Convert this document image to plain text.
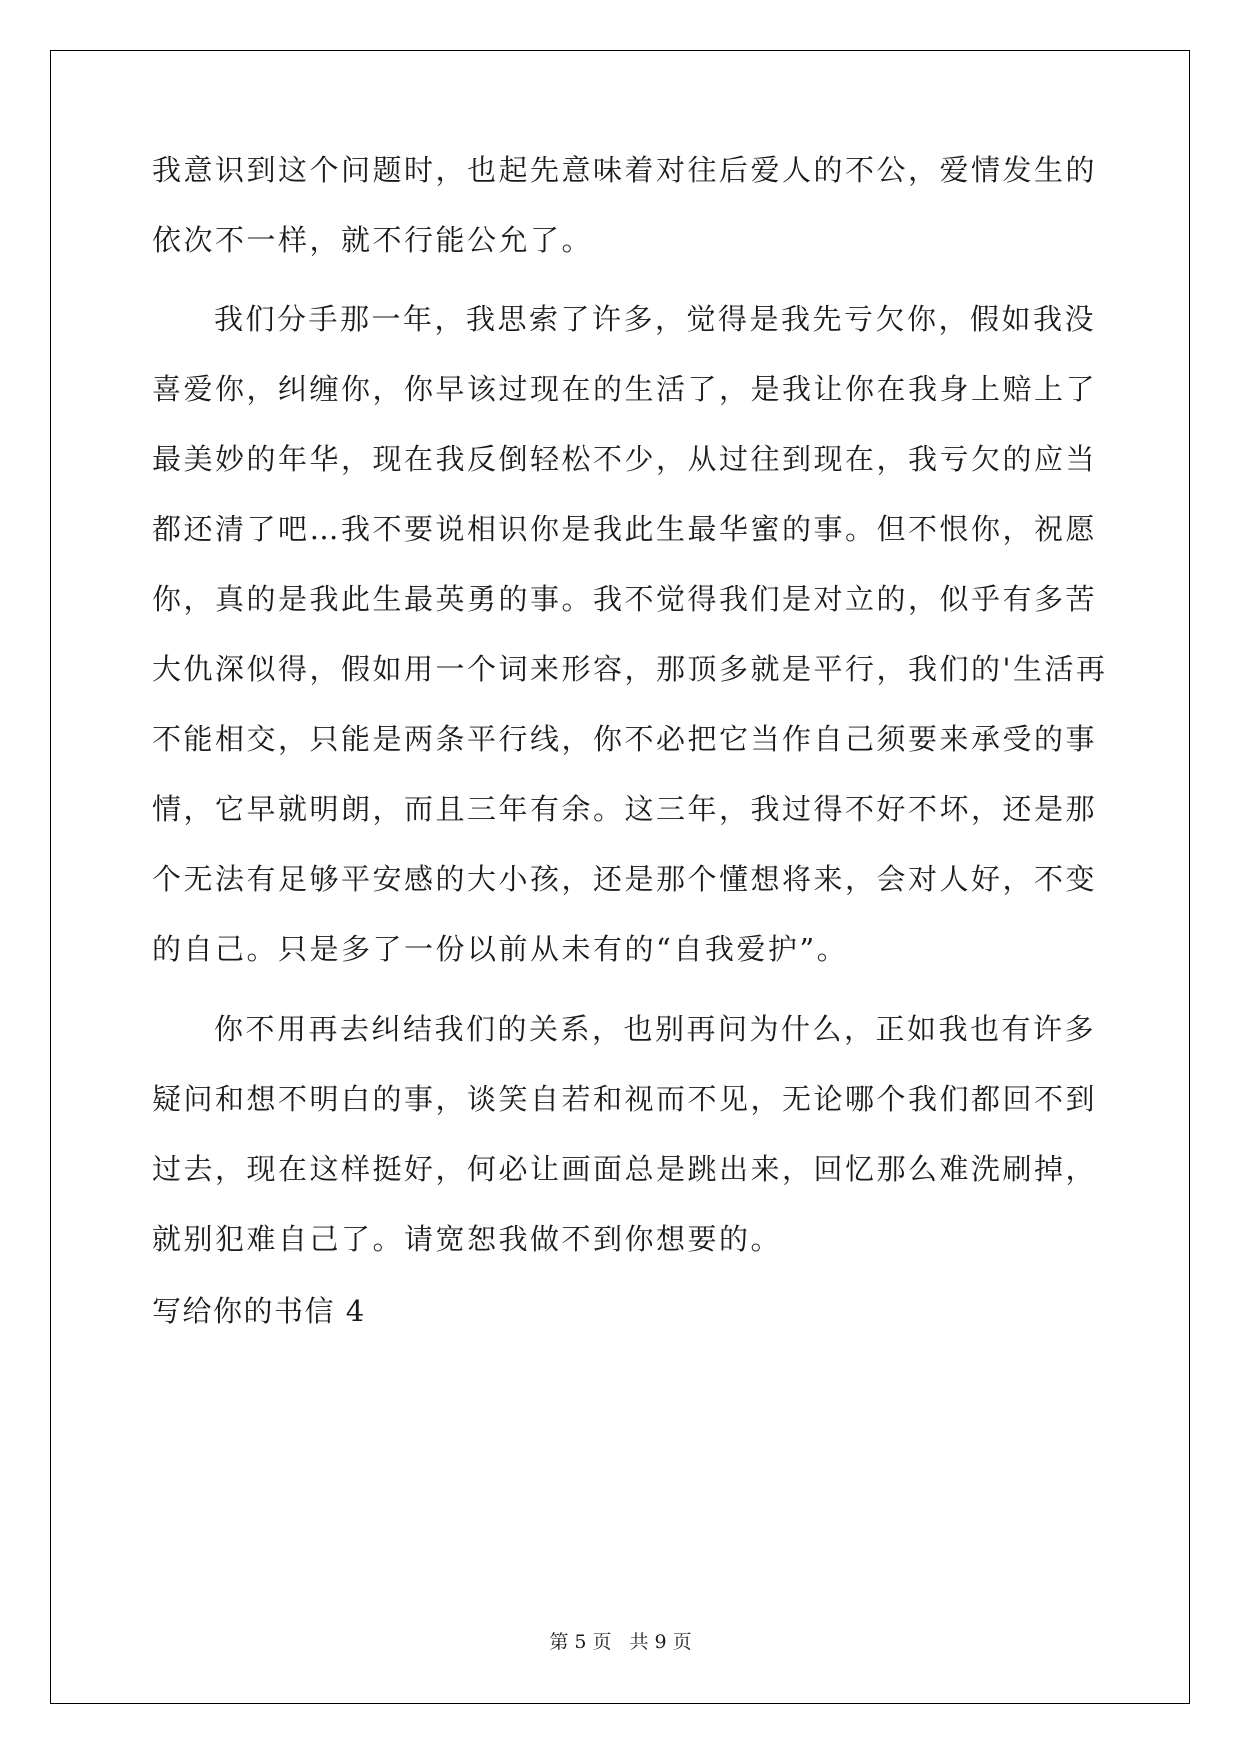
我意识到这个问题时，也起先意味着对往后爱人的不公，爱情发生的
依次不一样，就不行能公允了。
我们分手那一年，我思索了许多，觉得是我先亏欠你，假如我没
喜爱你，纠缠你，你早该过现在的生活了，是我让你在我身上赔上了
最美妙的年华，现在我反倒轻松不少，从过往到现在，我亏欠的应当
都还清了吧…我不要说相识你是我此生最华蜜的事。但不恨你，祝愿
你，真的是我此生最英勇的事。我不觉得我们是对立的，似乎有多苦
大仇深似得，假如用一个词来形容，那顶多就是平行，我们的'生活再
不能相交，只能是两条平行线，你不必把它当作自己须要来承受的事
情，它早就明朗，而且三年有余。这三年，我过得不好不坏，还是那
个无法有足够平安感的大小孩，还是那个懂想将来，会对人好，不变
的自己。只是多了一份以前从未有的“自我爱护”。
你不用再去纠结我们的关系，也别再问为什么，正如我也有许多
疑问和想不明白的事，谈笑自若和视而不见，无论哪个我们都回不到
过去，现在这样挺好，何必让画面总是跳出来，回忆那么难洗刷掉，
就别犯难自己了。请宽恕我做不到你想要的。
写给你的书信 4
第 5 页 共 9 页
